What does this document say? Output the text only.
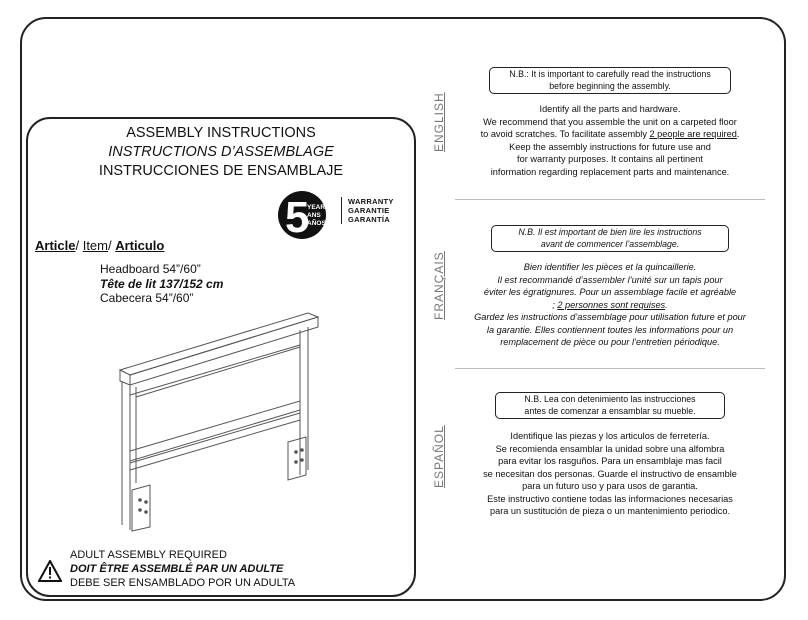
ASSEMBLY INSTRUCTIONS
INSTRUCTIONS D’ASSEMBLAGE
INSTRUCCIONES DE ENSAMBLAJE
5
YEARS
ANS
AÑOS
WARRANTY
GARANTIE
GARANTÍA
Article/ Item/ Articulo
Headboard 54”/60”
Tête de lit 137/152 cm
Cabecera 54”/60”
ADULT ASSEMBLY REQUIRED
DOIT ÊTRE ASSEMBLÉ PAR UN ADULTE
DEBE SER ENSAMBLADO POR UN ADULTA
ENGLISH
FRANÇAIS
ESPAÑOL
N.B.: It is important to carefully read the instructions
before beginning the assembly.
Identify all the parts and hardware.
We recommend that you assemble the unit on a carpeted floor
to avoid scratches. To facilitate assembly 2 people are required.
Keep the assembly instructions for future use and
for warranty purposes. It contains all pertinent
information regarding replacement parts and maintenance.
N.B. Il est important de bien lire les instructions
avant de commencer l’assemblage.
Bien identifier les pièces et la quincaillerie.
Il est recommandé d’assembler l’unité sur un tapis pour
éviter les égratignures. Pour un assemblage facile et agréable
; 2 personnes sont requises.
Gardez les instructions d’assemblage pour utilisation future et pour
la garantie. Elles contiennent toutes les informations pour un
remplacement de pièce ou pour l’entretien périodique.
N.B. Lea con detenimiento las instrucciones
antes de comenzar a ensamblar su mueble.
Identifique las piezas y los articulos de ferretería.
Se recomienda ensamblar la unidad sobre una alfombra
para evitar los rasguños. Para un ensamblaje mas facil
se necesitan dos personas. Guarde el instructivo de ensamble
para un futuro uso y para usos de garantia.
Este instructivo contiene todas las informaciones necesarias
para un sustitución de pieza o un mantenimiento periodico.
